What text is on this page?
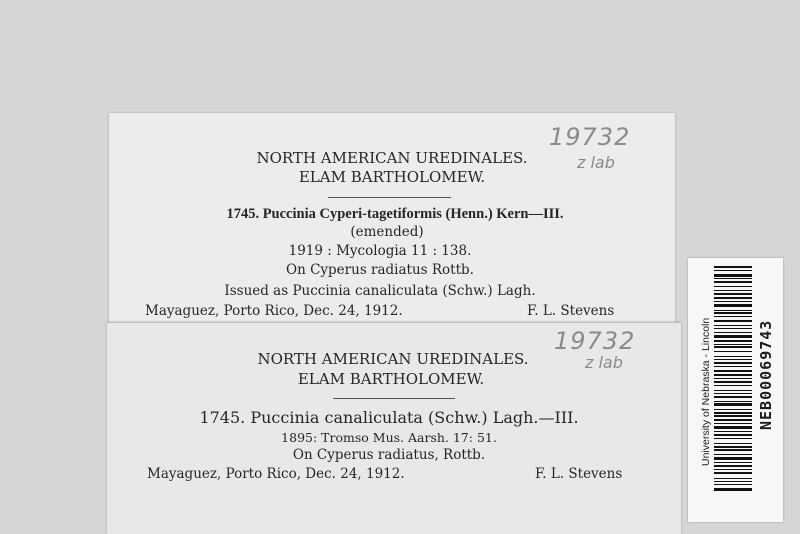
NORTH AMERICAN UREDINALES.
ELAM BARTHOLOMEW.
1745. Puccinia Cyperi-tagetiformis (Henn.) Kern—III.
(emended)
1919 : Mycologia 11 : 138.
On Cyperus radiatus Rottb.
Issued as Puccinia canaliculata (Schw.) Lagh.
Mayaguez, Porto Rico, Dec. 24, 1912.	F. L. Stevens
19732
z lab
NORTH AMERICAN UREDINALES.
ELAM BARTHOLOMEW.
1745. Puccinia canaliculata (Schw.) Lagh.—III.
1895: Tromso Mus. Aarsh. 17: 51.
On Cyperus radiatus, Rottb.
Mayaguez, Porto Rico, Dec. 24, 1912.	F. L. Stevens
19732
z lab	University of Nebraska - Lincoln	NEB00069743
